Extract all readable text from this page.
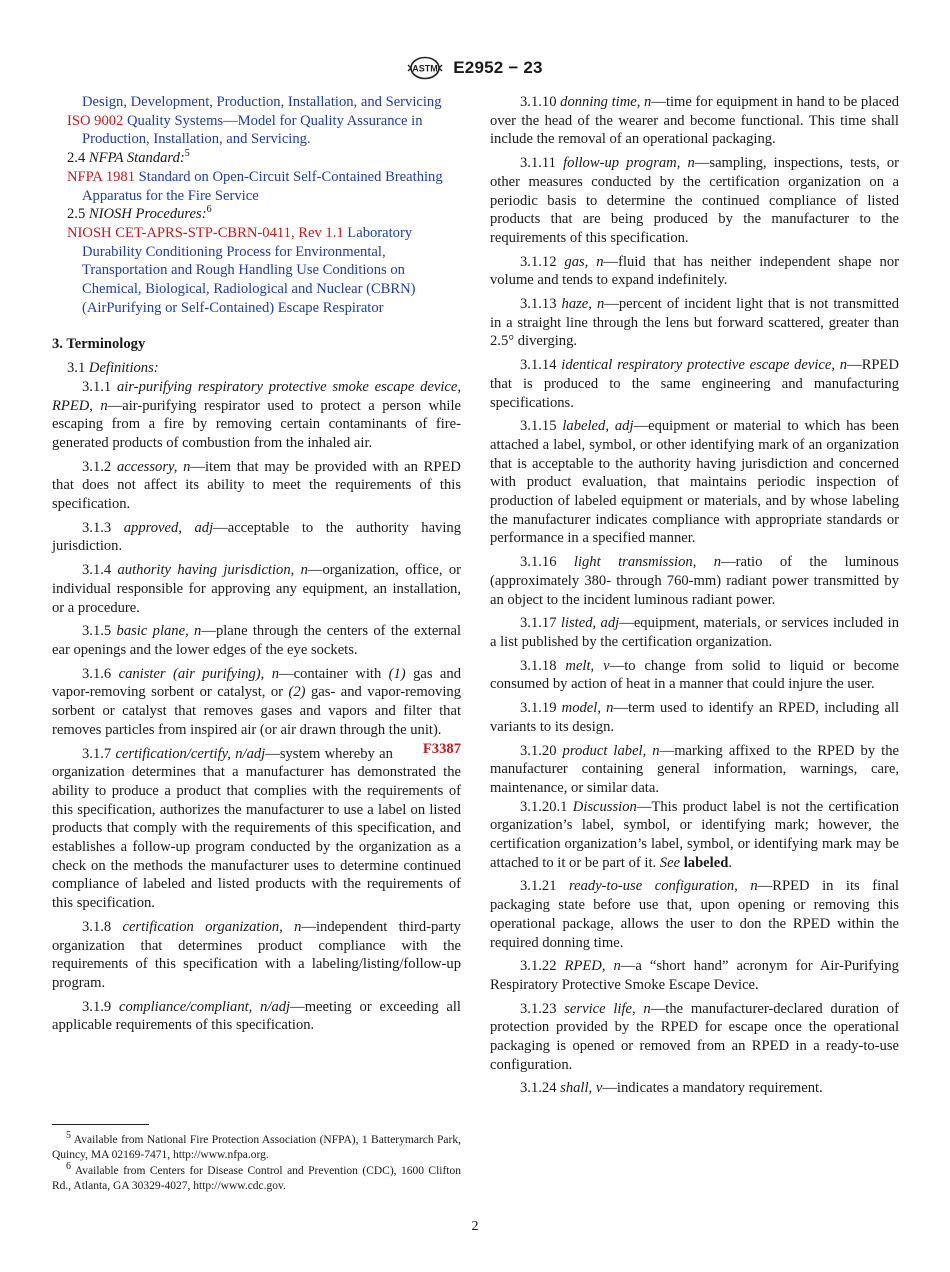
ASTM E2952 − 23

Design, Development, Production, Installation, and Servicing

ISO 9002 Quality Systems—Model for Quality Assurance in Production, Installation, and Servicing.

2.4 NFPA Standard:$^5$

NFPA 1981 Standard on Open-Circuit Self-Contained Breathing Apparatus for the Fire Service

2.5 NIOSH Procedures:$^6$

NIOSH CET-APRS-STP-CBRN-0411, Rev 1.1 Laboratory Durability Conditioning Process for Environmental, Transportation and Rough Handling Use Conditions on Chemical, Biological, Radiological and Nuclear (CBRN) (AirPurifying or Self-Contained) Escape Respirator

3. Terminology

3.1 Definitions:

3.1.1 air-purifying respiratory protective smoke escape device, RPED, n—air-purifying respirator used to protect a person while escaping from a fire by removing certain contaminants of fire-generated products of combustion from the inhaled air.

3.1.2 accessory, n—item that may be provided with an RPED that does not affect its ability to meet the requirements of this specification.

3.1.3 approved, adj—acceptable to the authority having jurisdiction.

3.1.4 authority having jurisdiction, n—organization, office, or individual responsible for approving any equipment, an installation, or a procedure.

3.1.5 basic plane, n—plane through the centers of the external ear openings and the lower edges of the eye sockets.

3.1.6 canister (air purifying), n—container with (1) gas and vapor-removing sorbent or catalyst, or (2) gas- and vapor-removing sorbent or catalyst that removes gases and vapors and filter that removes particles from inspired air (or air drawn through the unit).
F3387

3.1.7 certification/certify, n/adj—system whereby an organization determines that a manufacturer has demonstrated the ability to produce a product that complies with the requirements of this specification, authorizes the manufacturer to use a label on listed products that comply with the requirements of this specification, and establishes a follow-up program conducted by the organization as a check on the methods the manufacturer uses to determine continued compliance of labeled and listed products with the requirements of this specification.

3.1.8 certification organization, n—independent third-party organization that determines product compliance with the requirements of this specification with a labeling/listing/follow-up program.

3.1.9 compliance/compliant, n/adj—meeting or exceeding all applicable requirements of this specification.

3.1.10 donning time, n—time for equipment in hand to be placed over the head of the wearer and become functional. This time shall include the removal of an operational packaging.

3.1.11 follow-up program, n—sampling, inspections, tests, or other measures conducted by the certification organization on a periodic basis to determine the continued compliance of listed products that are being produced by the manufacturer to the requirements of this specification.

3.1.12 gas, n—fluid that has neither independent shape nor volume and tends to expand indefinitely.

3.1.13 haze, n—percent of incident light that is not transmitted in a straight line through the lens but forward scattered, greater than 2.5° diverging.

3.1.14 identical respiratory protective escape device, n—RPED that is produced to the same engineering and manufacturing specifications.

3.1.15 labeled, adj—equipment or material to which has been attached a label, symbol, or other identifying mark of an organization that is acceptable to the authority having jurisdiction and concerned with product evaluation, that maintains periodic inspection of production of labeled equipment or materials, and by whose labeling the manufacturer indicates compliance with appropriate standards or performance in a specified manner.

3.1.16 light transmission, n—ratio of the luminous (approximately 380- through 760-mm) radiant power transmitted by an object to the incident luminous radiant power.

3.1.17 listed, adj—equipment, materials, or services included in a list published by the certification organization.

3.1.18 melt, v—to change from solid to liquid or become consumed by action of heat in a manner that could injure the user.

3.1.19 model, n—term used to identify an RPED, including all variants to its design.

3.1.20 product label, n—marking affixed to the RPED by the manufacturer containing general information, warnings, care, maintenance, or similar data.

3.1.20.1 Discussion—This product label is not the certification organization’s label, symbol, or identifying mark; however, the certification organization’s label, symbol, or identifying mark may be attached to it or be part of it. See labeled.

3.1.21 ready-to-use configuration, n—RPED in its final packaging state before use that, upon opening or removing this operational package, allows the user to don the RPED within the required donning time.

3.1.22 RPED, n—a “short hand” acronym for Air-Purifying Respiratory Protective Smoke Escape Device.

3.1.23 service life, n—the manufacturer-declared duration of protection provided by the RPED for escape once the operational packaging is opened or removed from an RPED in a ready-to-use configuration.

3.1.24 shall, v—indicates a mandatory requirement.

$^5$ Available from National Fire Protection Association (NFPA), 1 Batterymarch Park, Quincy, MA 02169-7471, http://www.nfpa.org.

$^6$ Available from Centers for Disease Control and Prevention (CDC), 1600 Clifton Rd., Atlanta, GA 30329-4027, http://www.cdc.gov.

2
